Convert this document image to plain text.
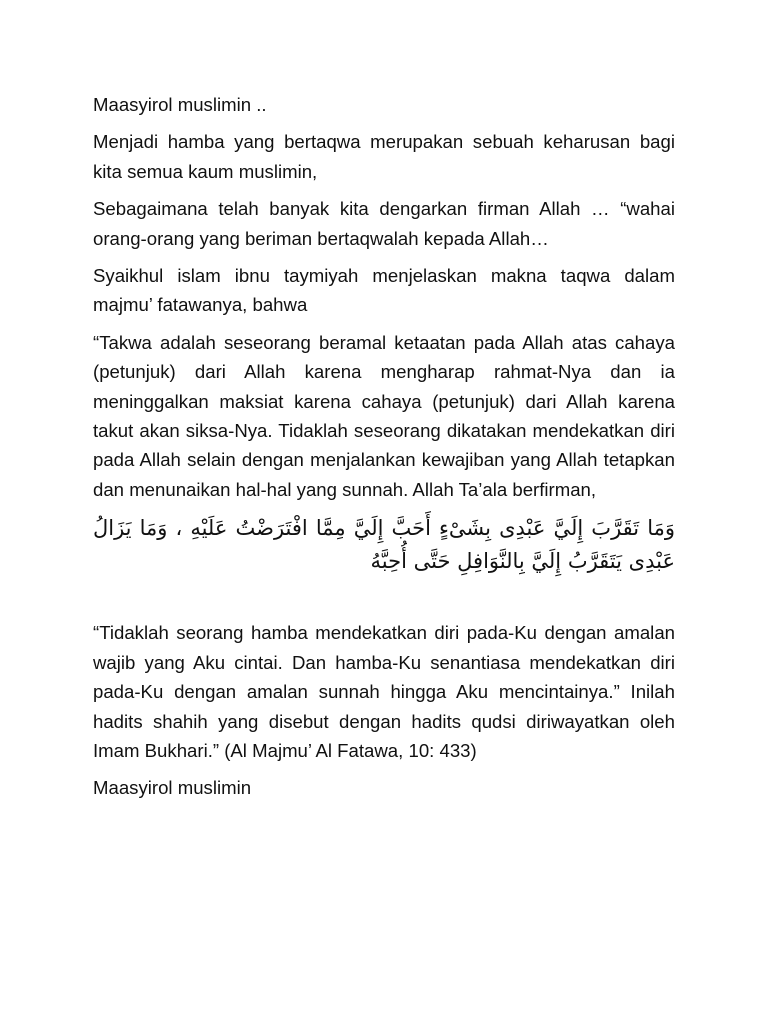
Maasyirol muslimin ..

Menjadi hamba yang bertaqwa merupakan sebuah keharusan bagi kita semua kaum muslimin,

Sebagaimana telah banyak kita dengarkan firman Allah … “wahai orang-orang yang beriman bertaqwalah kepada Allah…

Syaikhul islam ibnu taymiyah menjelaskan makna taqwa dalam majmu’ fatawanya, bahwa

“Takwa adalah seseorang beramal ketaatan pada Allah atas cahaya (petunjuk) dari Allah karena mengharap rahmat-Nya dan ia meninggalkan maksiat karena cahaya (petunjuk) dari Allah karena takut akan siksa-Nya. Tidaklah seseorang dikatakan mendekatkan diri pada Allah selain dengan menjalankan kewajiban yang Allah tetapkan dan menunaikan hal-hal yang sunnah. Allah Ta’ala berfirman,

وَمَا تَقَرَّبَ إِلَيَّ عَبْدِى بِشَىْءٍ أَحَبَّ إِلَيَّ مِمَّا افْتَرَضْتُ عَلَيْهِ ، وَمَا يَزَالُ عَبْدِى يَتَقَرَّبُ إِلَيَّ بِالنَّوَافِلِ حَتَّى أُحِبَّهُ

“Tidaklah seorang hamba mendekatkan diri pada-Ku dengan amalan wajib yang Aku cintai. Dan hamba-Ku senantiasa mendekatkan diri pada-Ku dengan amalan sunnah hingga Aku mencintainya.” Inilah hadits shahih yang disebut dengan hadits qudsi diriwayatkan oleh Imam Bukhari.” (Al Majmu’ Al Fatawa, 10: 433)

Maasyirol muslimin
